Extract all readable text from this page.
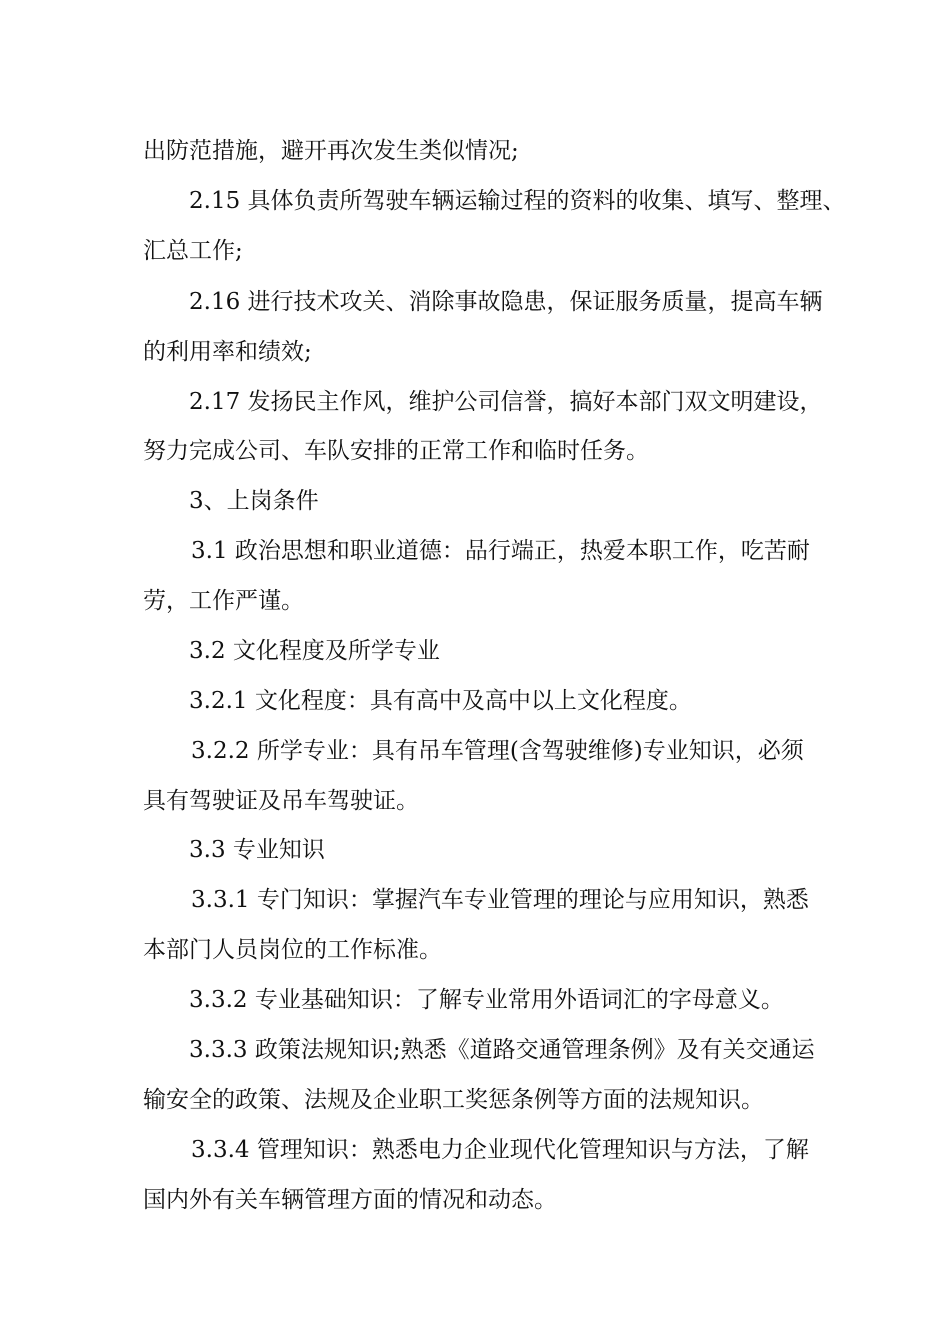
出防范措施，避开再次发生类似情况;
2.15 具体负责所驾驶车辆运输过程的资料的收集、填写、整理、
汇总工作;
2.16 进行技术攻关、消除事故隐患，保证服务质量，提高车辆
的利用率和绩效;
2.17 发扬民主作风，维护公司信誉，搞好本部门双文明建设，
努力完成公司、车队安排的正常工作和临时任务。
3、上岗条件
3.1 政治思想和职业道德：品行端正，热爱本职工作，吃苦耐
劳，工作严谨。
3.2 文化程度及所学专业
3.2.1 文化程度：具有高中及高中以上文化程度。
3.2.2 所学专业：具有吊车管理(含驾驶维修)专业知识，必须
具有驾驶证及吊车驾驶证。
3.3 专业知识
3.3.1 专门知识：掌握汽车专业管理的理论与应用知识，熟悉
本部门人员岗位的工作标准。
3.3.2 专业基础知识：了解专业常用外语词汇的字母意义。
3.3.3 政策法规知识;熟悉《道路交通管理条例》及有关交通运
输安全的政策、法规及企业职工奖惩条例等方面的法规知识。
3.3.4 管理知识：熟悉电力企业现代化管理知识与方法，了解
国内外有关车辆管理方面的情况和动态。
